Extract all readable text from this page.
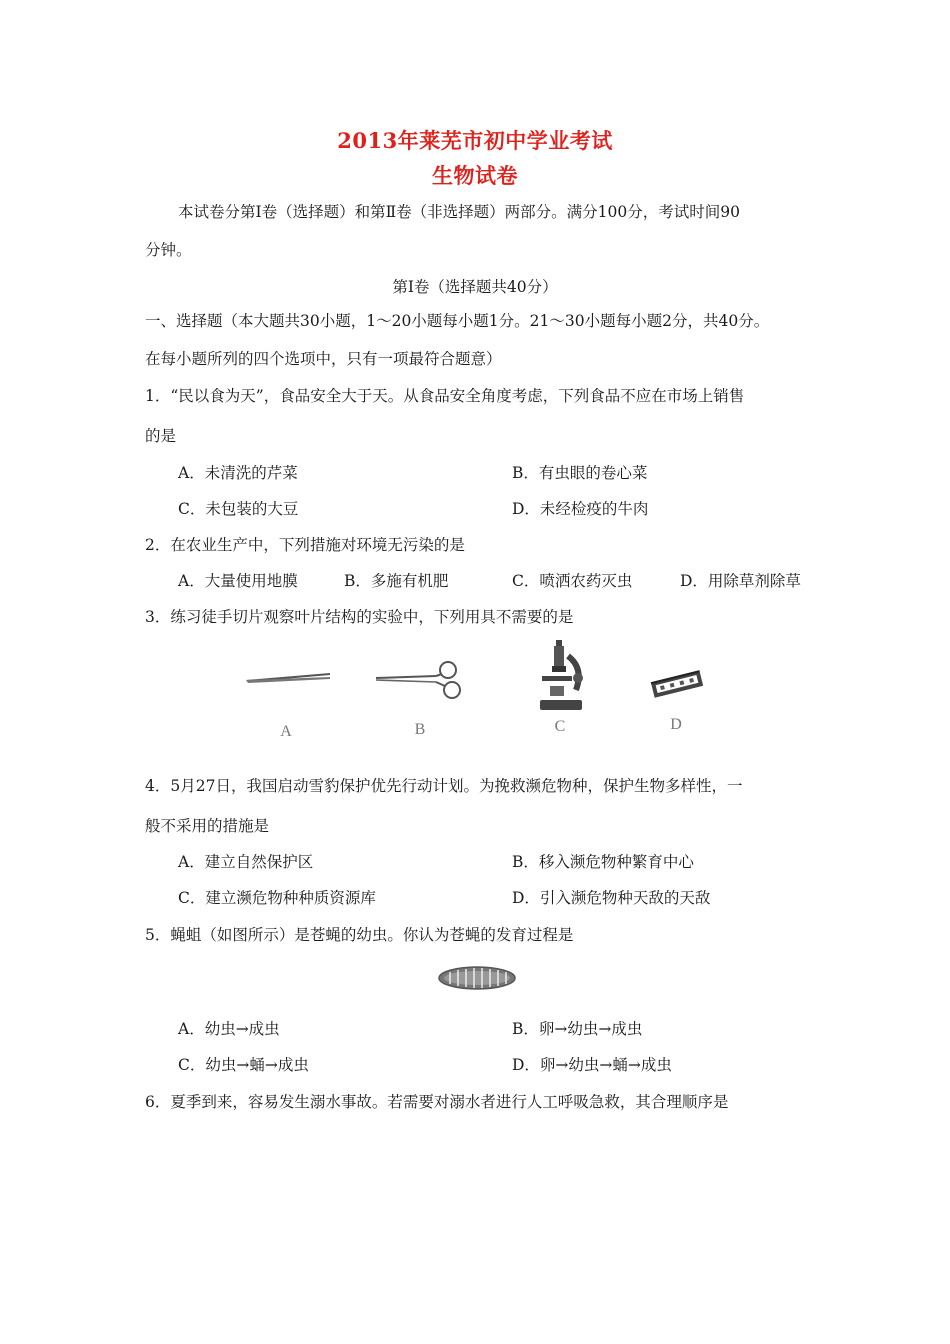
2013年莱芜市初中学业考试
生物试卷
本试卷分第Ⅰ卷（选择题）和第Ⅱ卷（非选择题）两部分。满分100分，考试时间90
分钟。
第Ⅰ卷（选择题共40分）
一、选择题（本大题共30小题，1～20小题每小题1分。21～30小题每小题2分，共40分。
在每小题所列的四个选项中，只有一项最符合题意）
1．“民以食为天”，食品安全大于天。从食品安全角度考虑，下列食品不应在市场上销售
的是
A．未清洗的芹菜	B．有虫眼的卷心菜
C．未包装的大豆	D．未经检疫的牛肉
2．在农业生产中，下列措施对环境无污染的是
A．大量使用地膜	B．多施有机肥	C．喷洒农药灭虫	D．用除草剂除草
3．练习徒手切片观察叶片结构的实验中，下列用具不需要的是
A	B	C	D
4．5月27日，我国启动雪豹保护优先行动计划。为挽救濒危物种，保护生物多样性，一
般不采用的措施是
A．建立自然保护区	B．移入濒危物种繁育中心
C．建立濒危物种种质资源库	D．引入濒危物种天敌的天敌
5．蝇蛆（如图所示）是苍蝇的幼虫。你认为苍蝇的发育过程是
A．幼虫→成虫	B．卵→幼虫→成虫
C．幼虫→蛹→成虫	D．卵→幼虫→蛹→成虫
6．夏季到来，容易发生溺水事故。若需要对溺水者进行人工呼吸急救，其合理顺序是
